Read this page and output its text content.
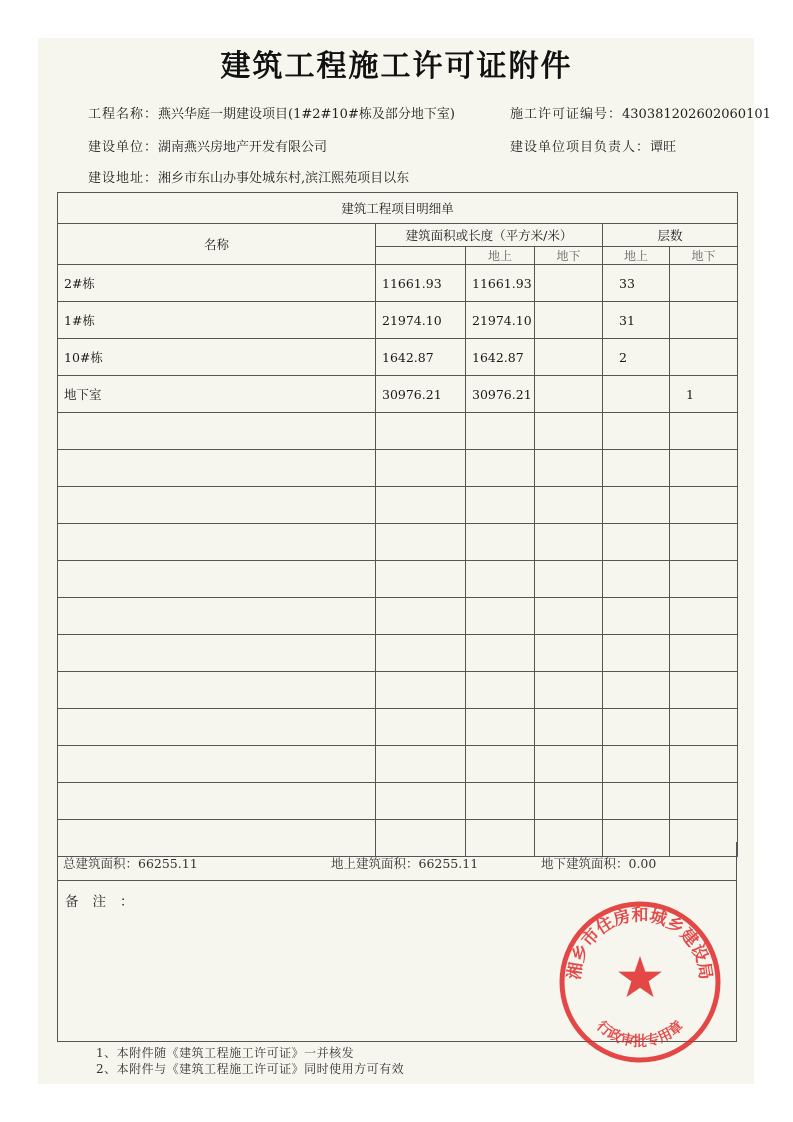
建筑工程施工许可证附件
工程名称：燕兴华庭一期建设项目(1#2#10#栋及部分地下室)	施工许可证编号：430381202602060101
建设单位：湖南燕兴房地产开发有限公司	建设单位项目负责人：谭旺
建设地址：湘乡市东山办事处城东村,滨江熙苑项目以东
建筑工程项目明细单					
名称	建筑面积或长度（平方米/米）			层数	
		地上	地下	地上	地下
2#栋	11661.93	11661.93		33	
1#栋	21974.10	21974.10		31	
10#栋	1642.87	1642.87		2	
地下室	30976.21	30976.21			1

总建筑面积：66255.11	地上建筑面积：66255.11	地下建筑面积：0.00
备注：
1、本附件随《建筑工程施工许可证》一并核发
2、本附件与《建筑工程施工许可证》同时使用方可有效
湘乡市住房和城乡建设局
行政审批专用章
